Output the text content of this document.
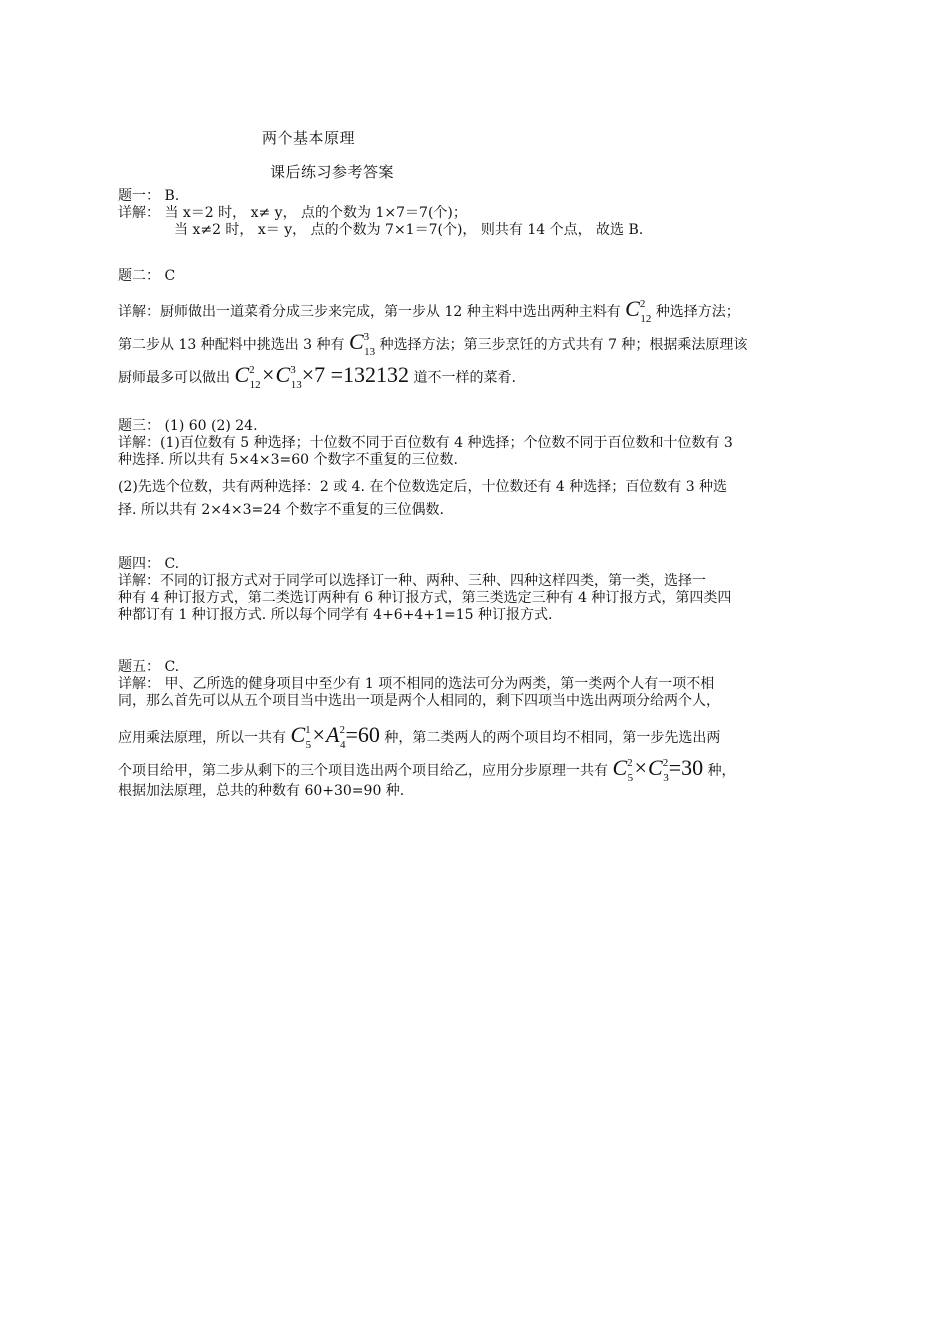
两个基本原理
课后练习参考答案
题一： B.
详解： 当 x＝2 时， x≠ y， 点的个数为 1×7＝7(个)；
当 x≠2 时， x＝ y， 点的个数为 7×1＝7(个)， 则共有 14 个点， 故选 B.
题二： C
详解：厨师做出一道菜肴分成三步来完成，第一步从 12 种主料中选出两种主料有 $C^2_{12}$ 种选择方法；
第二步从 13 种配料中挑选出 3 种有 $C^3_{13}$ 种选择方法；第三步烹饪的方式共有 7 种；根据乘法原理该
厨师最多可以做出 $C^2_{12}\times C^3_{13}\times 7 =132132$ 道不一样的菜肴.
题三： (1) 60 (2) 24.
详解：(1)百位数有 5 种选择；十位数不同于百位数有 4 种选择；个位数不同于百位数和十位数有 3
种选择. 所以共有 5×4×3=60 个数字不重复的三位数.
(2)先选个位数，共有两种选择：2 或 4. 在个位数选定后，十位数还有 4 种选择；百位数有 3 种选
择. 所以共有 2×4×3=24 个数字不重复的三位偶数.
题四： C.
详解：不同的订报方式对于同学可以选择订一种、两种、三种、四种这样四类，第一类，选择一
种有 4 种订报方式，第二类选订两种有 6 种订报方式，第三类选定三种有 4 种订报方式，第四类四
种都订有 1 种订报方式. 所以每个同学有 4+6+4+1=15 种订报方式.
题五： C.
详解： 甲、乙所选的健身项目中至少有 1 项不相同的选法可分为两类，第一类两个人有一项不相
同，那么首先可以从五个项目当中选出一项是两个人相同的，剩下四项当中选出两项分给两个人，
应用乘法原理，所以一共有 $C^1_5\times A^2_4=60$ 种，第二类两人的两个项目均不相同，第一步先选出两
个项目给甲，第二步从剩下的三个项目选出两个项目给乙，应用分步原理一共有 $C^2_5\times C^2_3=30$ 种，
根据加法原理，总共的种数有 60+30=90 种.
